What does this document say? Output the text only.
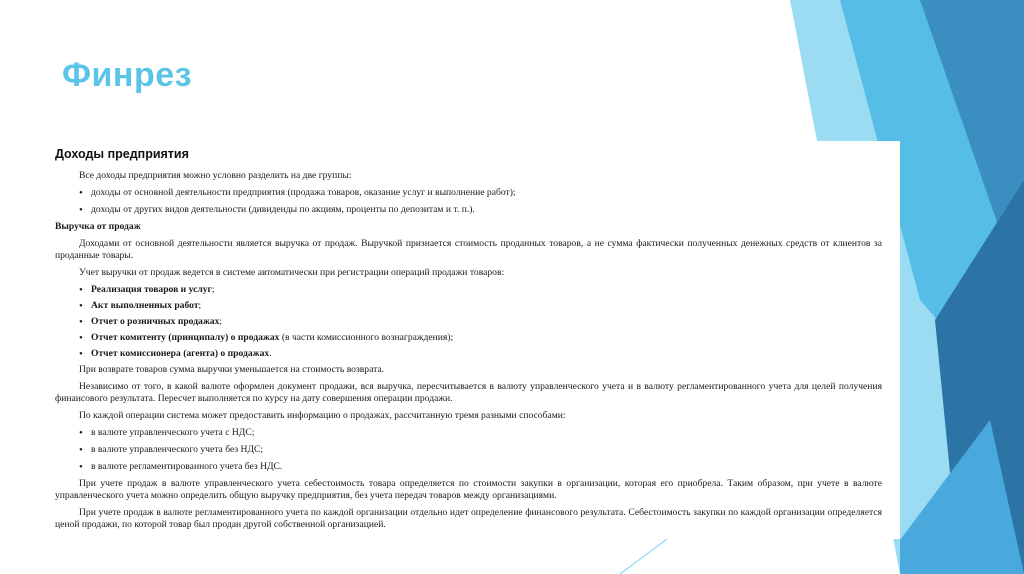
Финрез
Доходы предприятия

Все доходы предприятия можно условно разделить на две группы:

• доходы от основной деятельности предприятия (продажа товаров, оказание услуг и выполнение работ);
• доходы от других видов деятельности (дивиденды по акциям, проценты по депозитам и т. п.).
Выручка от продаж

Доходами от основной деятельности является выручка от продаж. Выручкой признается стоимость проданных товаров, а не сумма фактически полученных денежных средств от клиентов за проданные товары.

Учет выручки от продаж ведется в системе автоматически при регистрации операций продажи товаров:

• Реализация товаров и услуг;
• Акт выполненных работ;
• Отчет о розничных продажах;
• Отчет комитенту (принципалу) о продажах (в части комиссионного вознаграждения);
• Отчет комиссионера (агента) о продажах.

При возврате товаров сумма выручки уменьшается на стоимость возврата.

Независимо от того, в какой валюте оформлен документ продажи, вся выручка, пересчитывается в валюту управленческого учета и в валюту регламентированного учета для целей получения финансового результата. Пересчет выполняется по курсу на дату совершения операции продажи.

По каждой операции система может предоставить информацию о продажах, рассчитанную тремя разными способами:

• в валюте управленческого учета с НДС;
• в валюте управленческого учета без НДС;
• в валюте регламентированного учета без НДС.

При учете продаж в валюте управленческого учета себестоимость товара определяется по стоимости закупки в организации, которая его приобрела. Таким образом, при учете в валюте управленческого учета можно определить общую выручку предприятия, без учета передач товаров между организациями.

При учете продаж в валюте регламентированного учета по каждой организации отдельно идет определение финансового результата. Себестоимость закупки по каждой организации определяется ценой продажи, по которой товар был продан другой собственной организацией.
